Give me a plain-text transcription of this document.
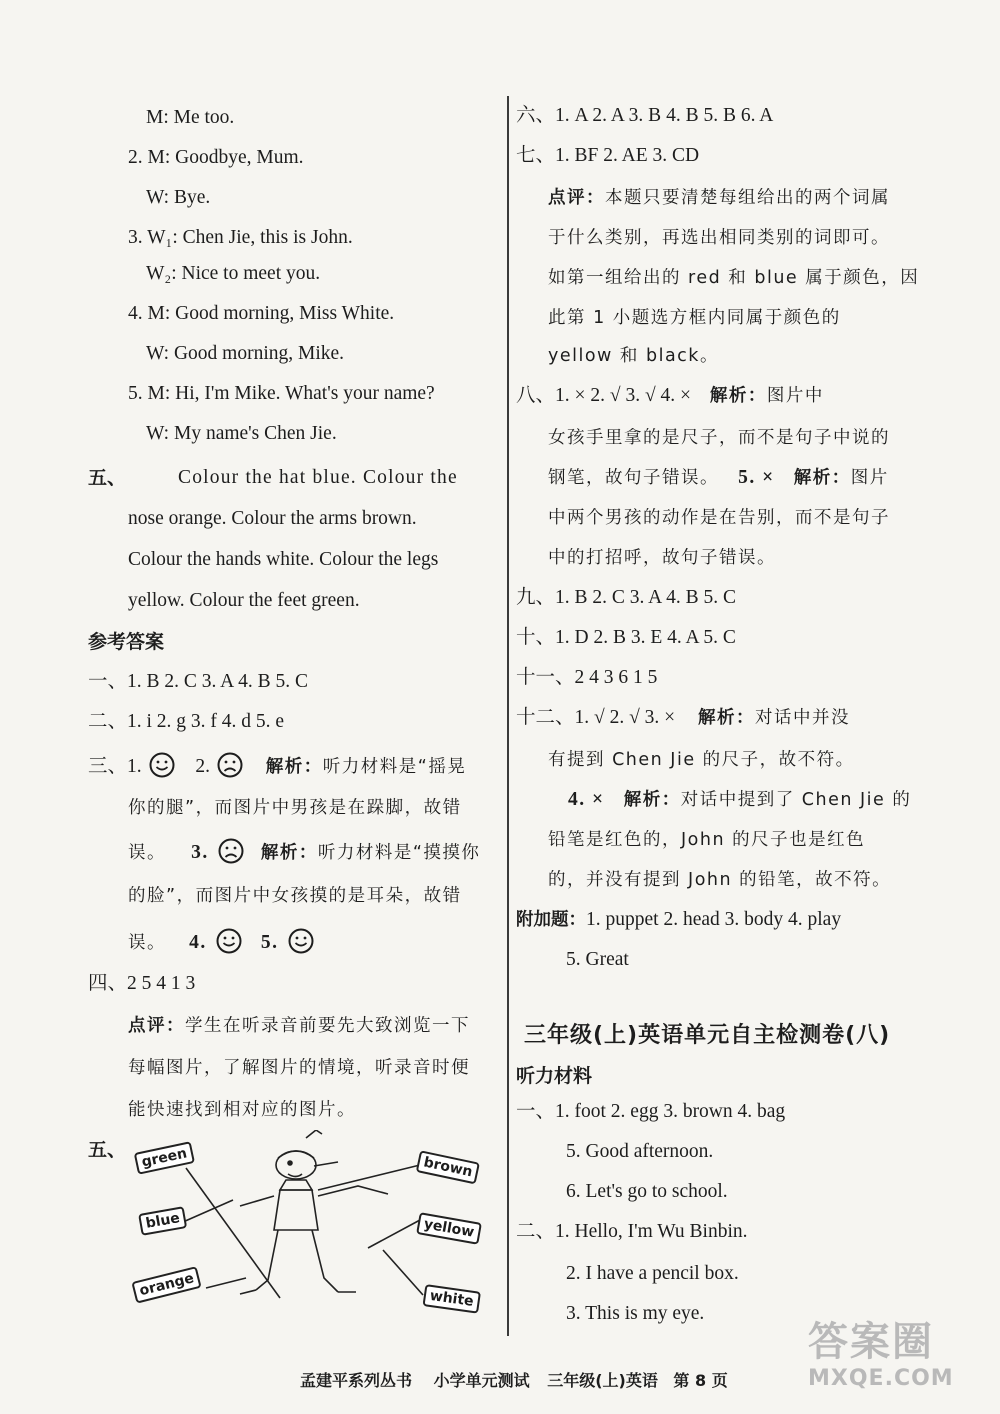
M: Me too.
2. M: Goodbye, Mum.
W: Bye.
3. W₁: Chen Jie, this is John.
W₂: Nice to meet you.
4. M: Good morning, Miss White.
W: Good morning, Mike.
5. M: Hi, I'm Mike. What's your name?
W: My name's Chen Jie.
五、	Colour the hat blue. Colour the
nose orange. Colour the arms brown.
Colour the hands white. Colour the legs
yellow. Colour the feet green.
参考答案
一、1. B 2. C 3. A 4. B 5. C
二、1. i 2. g 3. f 4. d 5. e
三、1.	2.	解析：听力材料是“摇晃
你的腿”，而图片中男孩是在跺脚，故错
误。 3.	解析：听力材料是“摸摸你
的脸”，而图片中女孩摸的是耳朵，故错
误。 4.	5.
四、2 5 4 1 3
点评：学生在听录音前要先大致浏览一下
每幅图片，了解图片的情境，听录音时便
能快速找到相对应的图片。
五、	green
blue
orange
brown
yellow
white
六、1. A 2. A 3. B 4. B 5. B 6. A
七、1. BF 2. AE 3. CD
点评：本题只要清楚每组给出的两个词属
于什么类别，再选出相同类别的词即可。
如第一组给出的 red 和 blue 属于颜色，因
此第 1 小题选方框内同属于颜色的
yellow 和 black。
八、1. × 2. √ 3. √ 4. × 解析：图片中
女孩手里拿的是尺子，而不是句子中说的
钢笔，故句子错误。 5. × 解析：图片
中两个男孩的动作是在告别，而不是句子
中的打招呼，故句子错误。
九、1. B 2. C 3. A 4. B 5. C
十、1. D 2. B 3. E 4. A 5. C
十一、2 4 3 6 1 5
十二、1. √ 2. √ 3. × 解析：对话中并没
有提到 Chen Jie 的尺子，故不符。
4. × 解析：对话中提到了 Chen Jie 的
铅笔是红色的，John 的尺子也是红色
的，并没有提到 John 的铅笔，故不符。
附加题：1. puppet 2. head 3. body 4. play
5. Great
三年级(上)英语单元自主检测卷(八)
听力材料
一、1. foot 2. egg 3. brown 4. bag
5. Good afternoon.
6. Let's go to school.
二、1. Hello, I'm Wu Binbin.
2. I have a pencil box.
3. This is my eye.
孟建平系列丛书 小学单元测试 三年级(上)英语 第 8 页
答案圈
MXQE.COM
